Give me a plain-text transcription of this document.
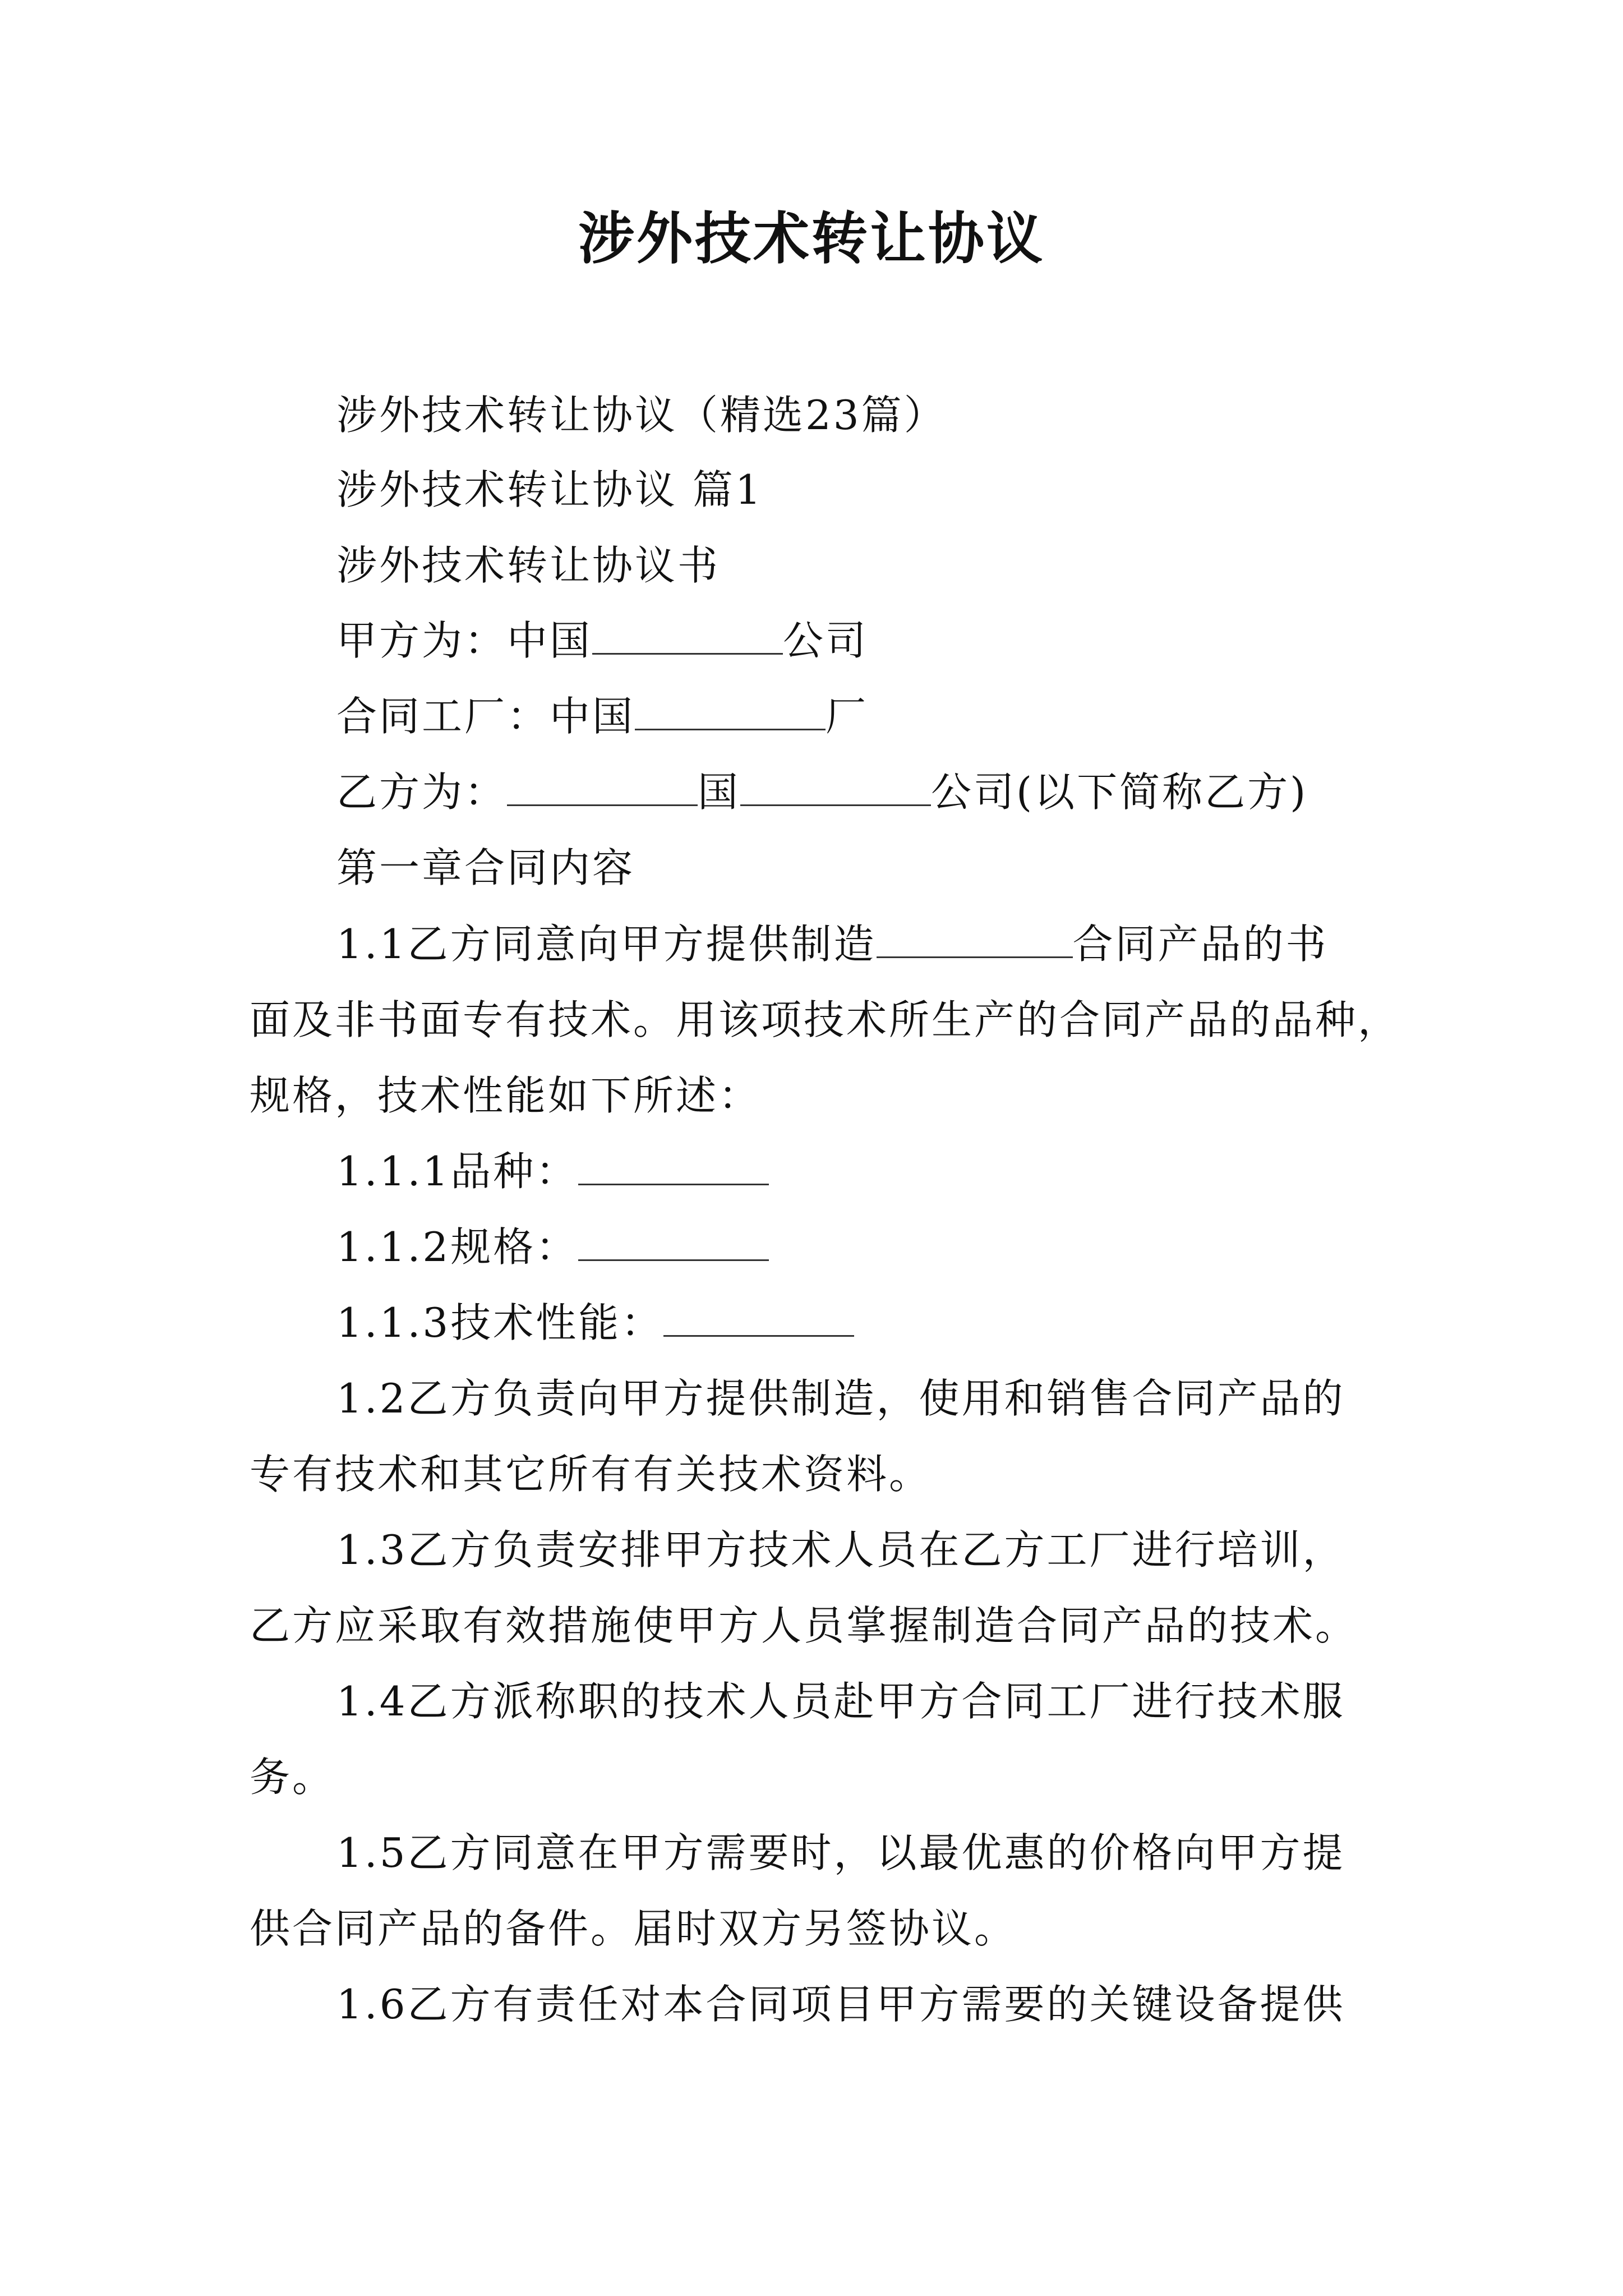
涉外技术转让协议

涉外技术转让协议（精选23篇）

涉外技术转让协议 篇1

涉外技术转让协议书

甲方为：中国	公司

合同工厂：中国	厂

乙方为：	国	公司(以下简称乙方)

第一章合同内容

1.1乙方同意向甲方提供制造	合同产品的书

面及非书面专有技术。用该项技术所生产的合同产品的品种，

规格，技术性能如下所述：

1.1.1品种：

1.1.2规格：

1.1.3技术性能：

1.2乙方负责向甲方提供制造，使用和销售合同产品的

专有技术和其它所有有关技术资料。

1.3乙方负责安排甲方技术人员在乙方工厂进行培训，

乙方应采取有效措施使甲方人员掌握制造合同产品的技术。

1.4乙方派称职的技术人员赴甲方合同工厂进行技术服

务。

1.5乙方同意在甲方需要时，以最优惠的价格向甲方提

供合同产品的备件。届时双方另签协议。

1.6乙方有责任对本合同项目甲方需要的关键设备提供
